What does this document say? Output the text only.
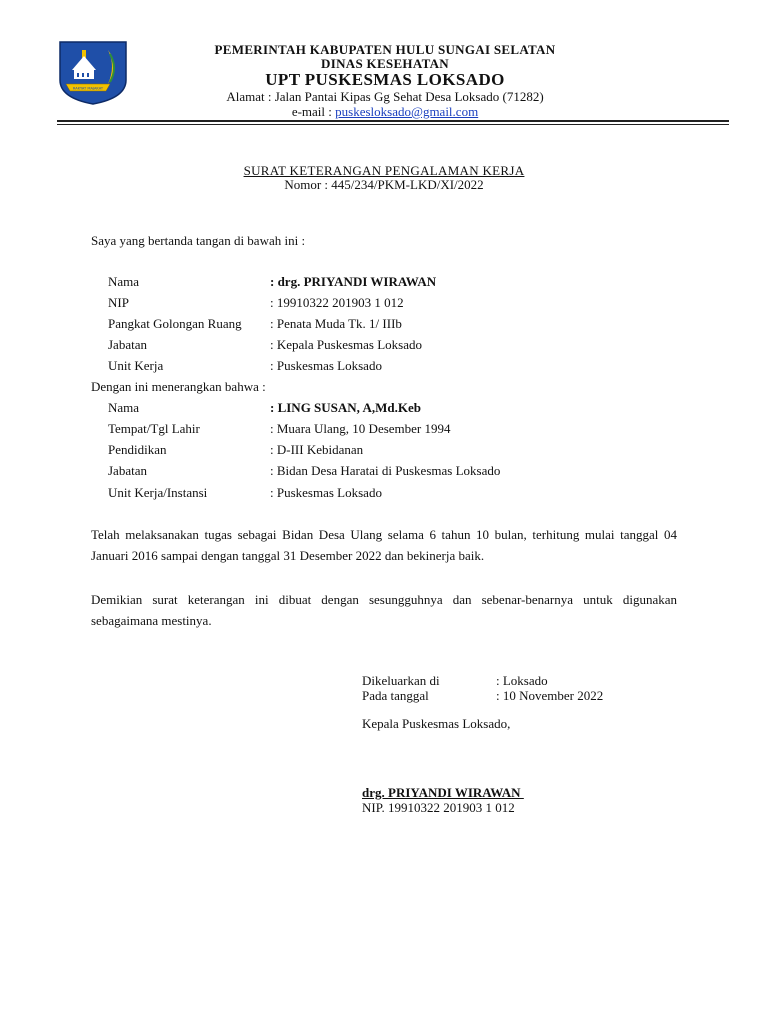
RAKYAT MAJAKAT
PEMERINTAH KABUPATEN HULU SUNGAI SELATAN
DINAS KESEHATAN
UPT PUSKESMAS LOKSADO
Alamat : Jalan Pantai Kipas Gg Sehat Desa Loksado (71282)
e-mail : puskesloksado@gmail.com
SURAT KETERANGAN PENGALAMAN KERJA
Nomor : 445/234/PKM-LKD/XI/2022
Saya yang bertanda tangan di bawah ini :
Nama	: drg. PRIYANDI WIRAWAN
NIP	: 19910322 201903 1 012
Pangkat Golongan Ruang : Penata Muda Tk. 1/ IIIb
Jabatan	: Kepala Puskesmas Loksado
Unit Kerja	: Puskesmas Loksado
Dengan ini menerangkan bahwa :
Nama	: LING SUSAN, A,Md.Keb
Tempat/Tgl Lahir	: Muara Ulang, 10 Desember 1994
Pendidikan	: D-III Kebidanan
Jabatan	: Bidan Desa Haratai di Puskesmas Loksado
Unit Kerja/Instansi	: Puskesmas Loksado
Telah melaksanakan tugas sebagai Bidan Desa Ulang selama 6 tahun 10 bulan, terhitung mulai tanggal 04 Januari 2016 sampai dengan tanggal 31 Desember 2022 dan bekinerja baik.
Demikian surat keterangan ini dibuat dengan sesungguhnya dan sebenar-benarnya untuk digunakan sebagaimana mestinya.
Dikeluarkan di	: Loksado
Pada tanggal	: 10 November 2022
Kepala Puskesmas Loksado,
drg. PRIYANDI WIRAWAN
NIP. 19910322 201903 1 012
